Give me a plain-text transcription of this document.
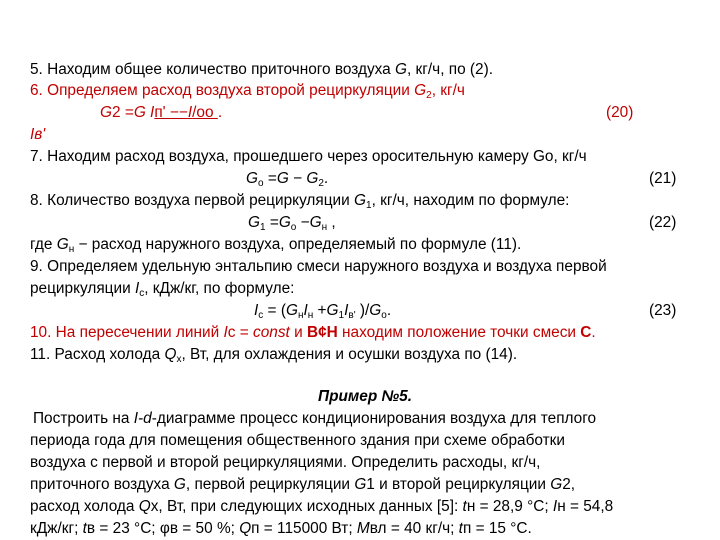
5. Находим общее количество приточного воздуха G, кг/ч, по (2).
6. Определяем расход воздуха второй рециркуляции $G_2$, кг/ч
G2 =G Iп' −−I/oo .	(20)
Iв'
7. Находим расход воздуха, прошедшего через оросительную камеру Go, кг/ч
$G_о =G - G_2$.	(21)
8. Количество воздуха первой рециркуляции $G_1$, кг/ч, находим по формуле:
$G_1 =G_о -G_н$ ,	(22)
где $G_н$ − расход наружного воздуха, определяемый по формуле (11).
9. Определяем удельную энтальпию смеси наружного воздуха и воздуха первой
рециркуляции $I_с$, кДж/кг, по формуле:
$I_с = (G_нI_н +G_1I_{в'}$ )$/G_о$.	(23)
10. На пересечении линий Iс = const и В¢Н находим положение точки смеси С.
11. Расход холода $Q_х$, Вт, для охлаждения и осушки воздуха по (14).
Пример №5.
Построить на I-d-диаграмме процесс кондиционирования воздуха для теплого
периода года для помещения общественного здания при схеме обработки
воздуха с первой и второй рециркуляциями. Определить расходы, кг/ч,
приточного воздуха G, первой рециркуляции G1 и второй рециркуляции G2,
расход холода Qx, Вт, при следующих исходных данных [5]: tн = 28,9 °С; Iн = 54,8
кДж/кг; tв = 23 °С; φв = 50 %; Qп = 115000 Вт; Mвл = 40 кг/ч; tп = 15 °С.
